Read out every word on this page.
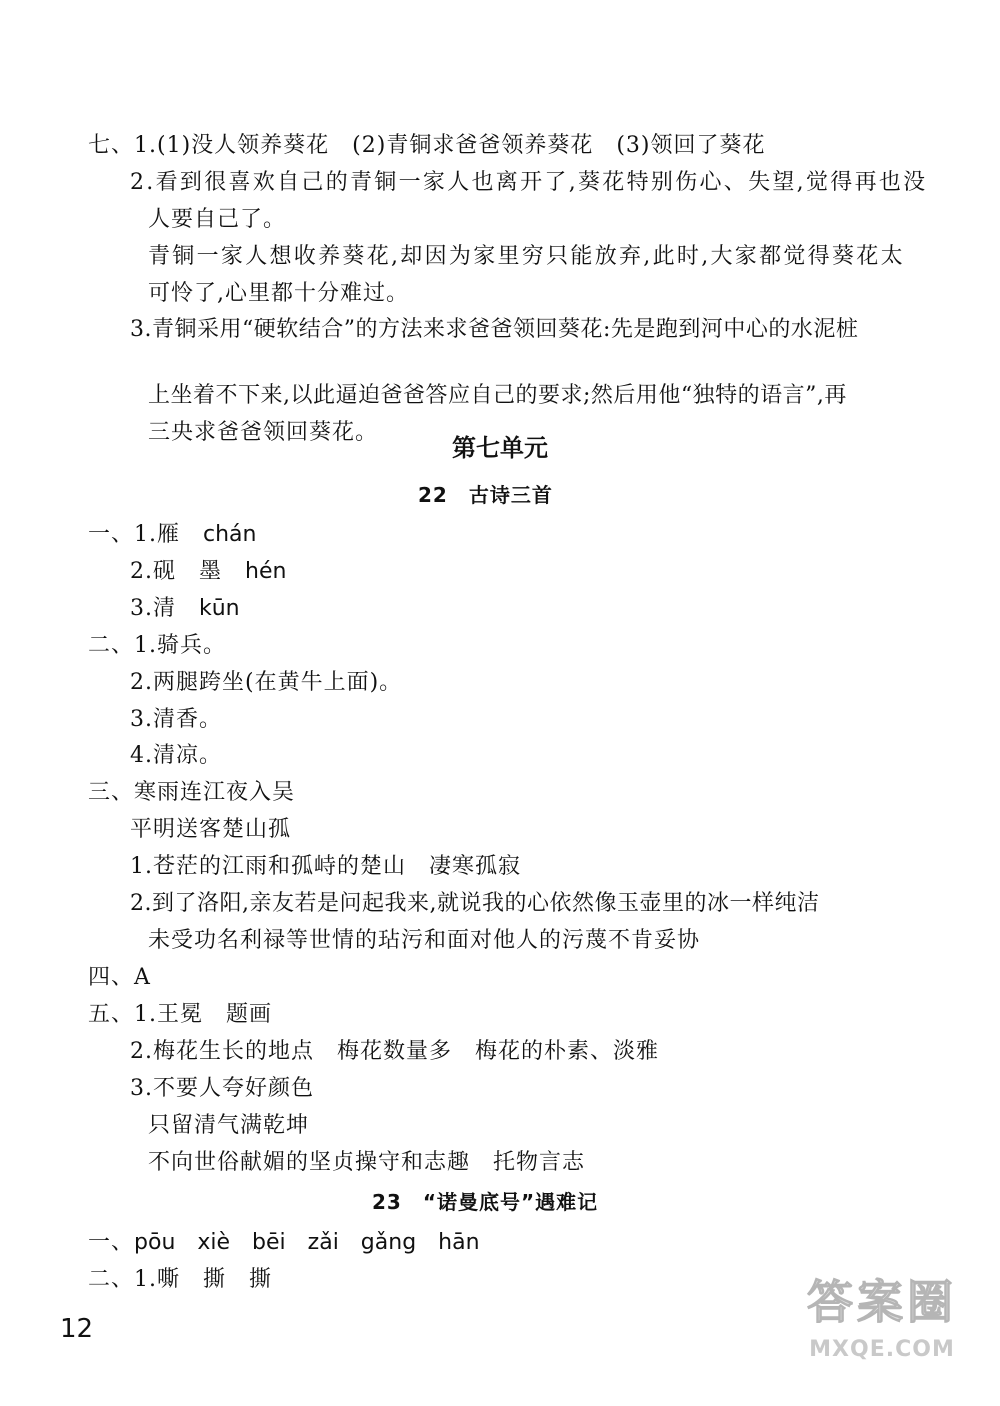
七、1.(1)没人领养葵花　(2)青铜求爸爸领养葵花　(3)领回了葵花
2.看到很喜欢自己的青铜一家人也离开了,葵花特别伤心、失望,觉得再也没
人要自己了。
青铜一家人想收养葵花,却因为家里穷只能放弃,此时,大家都觉得葵花太
可怜了,心里都十分难过。
3.青铜采用“硬软结合”的方法来求爸爸领回葵花:先是跑到河中心的水泥桩
上坐着不下来,以此逼迫爸爸答应自己的要求;然后用他“独特的语言”,再
三央求爸爸领回葵花。
第七单元
22　古诗三首
一、1.雁　chán
2.砚　墨　hén
3.清　kūn
二、1.骑兵。
2.两腿跨坐(在黄牛上面)。
3.清香。
4.清凉。
三、寒雨连江夜入吴
平明送客楚山孤
1.苍茫的江雨和孤峙的楚山　凄寒孤寂
2.到了洛阳,亲友若是问起我来,就说我的心依然像玉壶里的冰一样纯洁
未受功名利禄等世情的玷污和面对他人的污蔑不肯妥协
四、A
五、1.王冕　题画
2.梅花生长的地点　梅花数量多　梅花的朴素、淡雅
3.不要人夸好颜色
只留清气满乾坤
不向世俗献媚的坚贞操守和志趣　托物言志
23　“诺曼底号”遇难记
一、pōu　xiè　bēi　zǎi　gǎng　hān
二、1.嘶　撕　撕
12	答案圈
MXQE.COM
